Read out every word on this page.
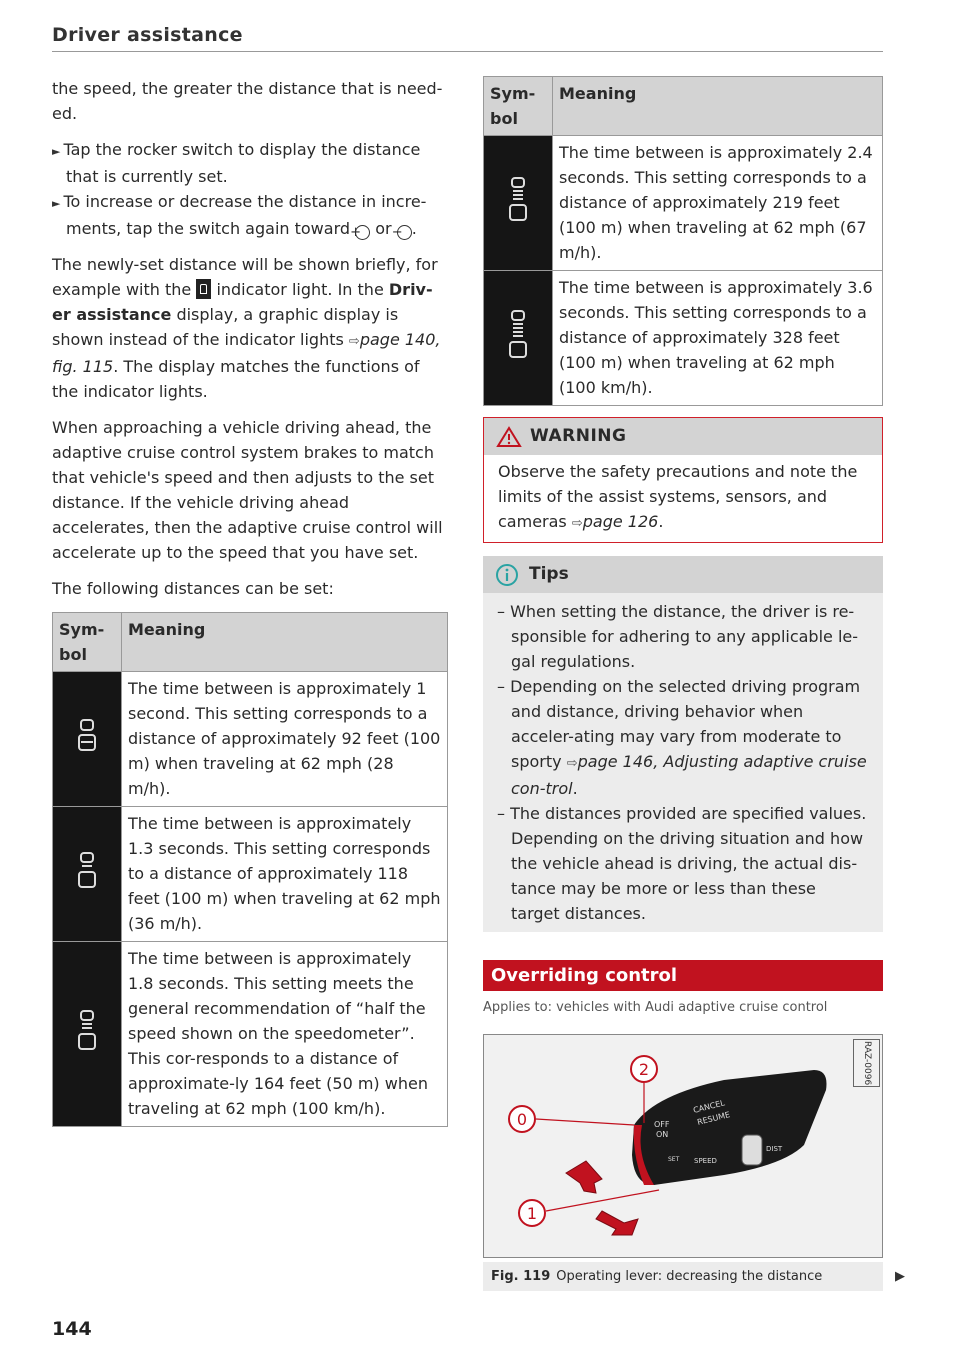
Driver assistance

the speed, the greater the distance that is need-ed.

► Tap the rocker switch to display the distance that is currently set.

► To increase or decrease the distance in incre-ments, tap the switch again toward + or − .

The newly-set distance will be shown briefly, for example with the indicator light. In the Driv-er assistance display, a graphic display is shown instead of the indicator lights ⇨page 140, fig. 115. The display matches the functions of the indicator lights.

When approaching a vehicle driving ahead, the adaptive cruise control system brakes to match that vehicle's speed and then adjusts to the set distance. If the vehicle driving ahead accelerates, then the adaptive cruise control will accelerate up to the speed that you have set.

The following distances can be set:

Sym-bol	Meaning
	The time between is approximately 1 second. This setting corresponds to a distance of approximately 92 feet (100 m) when traveling at 62 mph (28 m/h).
	The time between is approximately 1.3 seconds. This setting corresponds to a distance of approximately 118 feet (100 m) when traveling at 62 mph (36 m/h).
	The time between is approximately 1.8 seconds. This setting meets the general recommendation of “half the speed shown on the speedometer”. This cor-responds to a distance of approximate-ly 164 feet (50 m) when traveling at 62 mph (100 km/h).
Sym-bol	Meaning
	The time between is approximately 2.4 seconds. This setting corresponds to a distance of approximately 219 feet (100 m) when traveling at 62 mph (67 m/h).
	The time between is approximately 3.6 seconds. This setting corresponds to a distance of approximately 328 feet (100 m) when traveling at 62 mph (100 km/h).
WARNING
Observe the safety precautions and note the limits of the assist systems, sensors, and cameras ⇨page 126.
Tips

– When setting the distance, the driver is re-sponsible for adhering to any applicable le-gal regulations.

– Depending on the selected driving program and distance, driving behavior when acceler-ating may vary from moderate to sporty ⇨page 146, Adjusting adaptive cruise con-trol.

– The distances provided are specified values. Depending on the driving situation and how the vehicle ahead is driving, the actual dis-tance may be more or less than these target distances.

Overriding control
Applies to: vehicles with Audi adaptive cruise control
RAZ-0096
OFF
ON
CANCEL
RESUME
SPEED
DIST
SET
0
2
1
Fig. 119 Operating lever: decreasing the distance	▶
144
